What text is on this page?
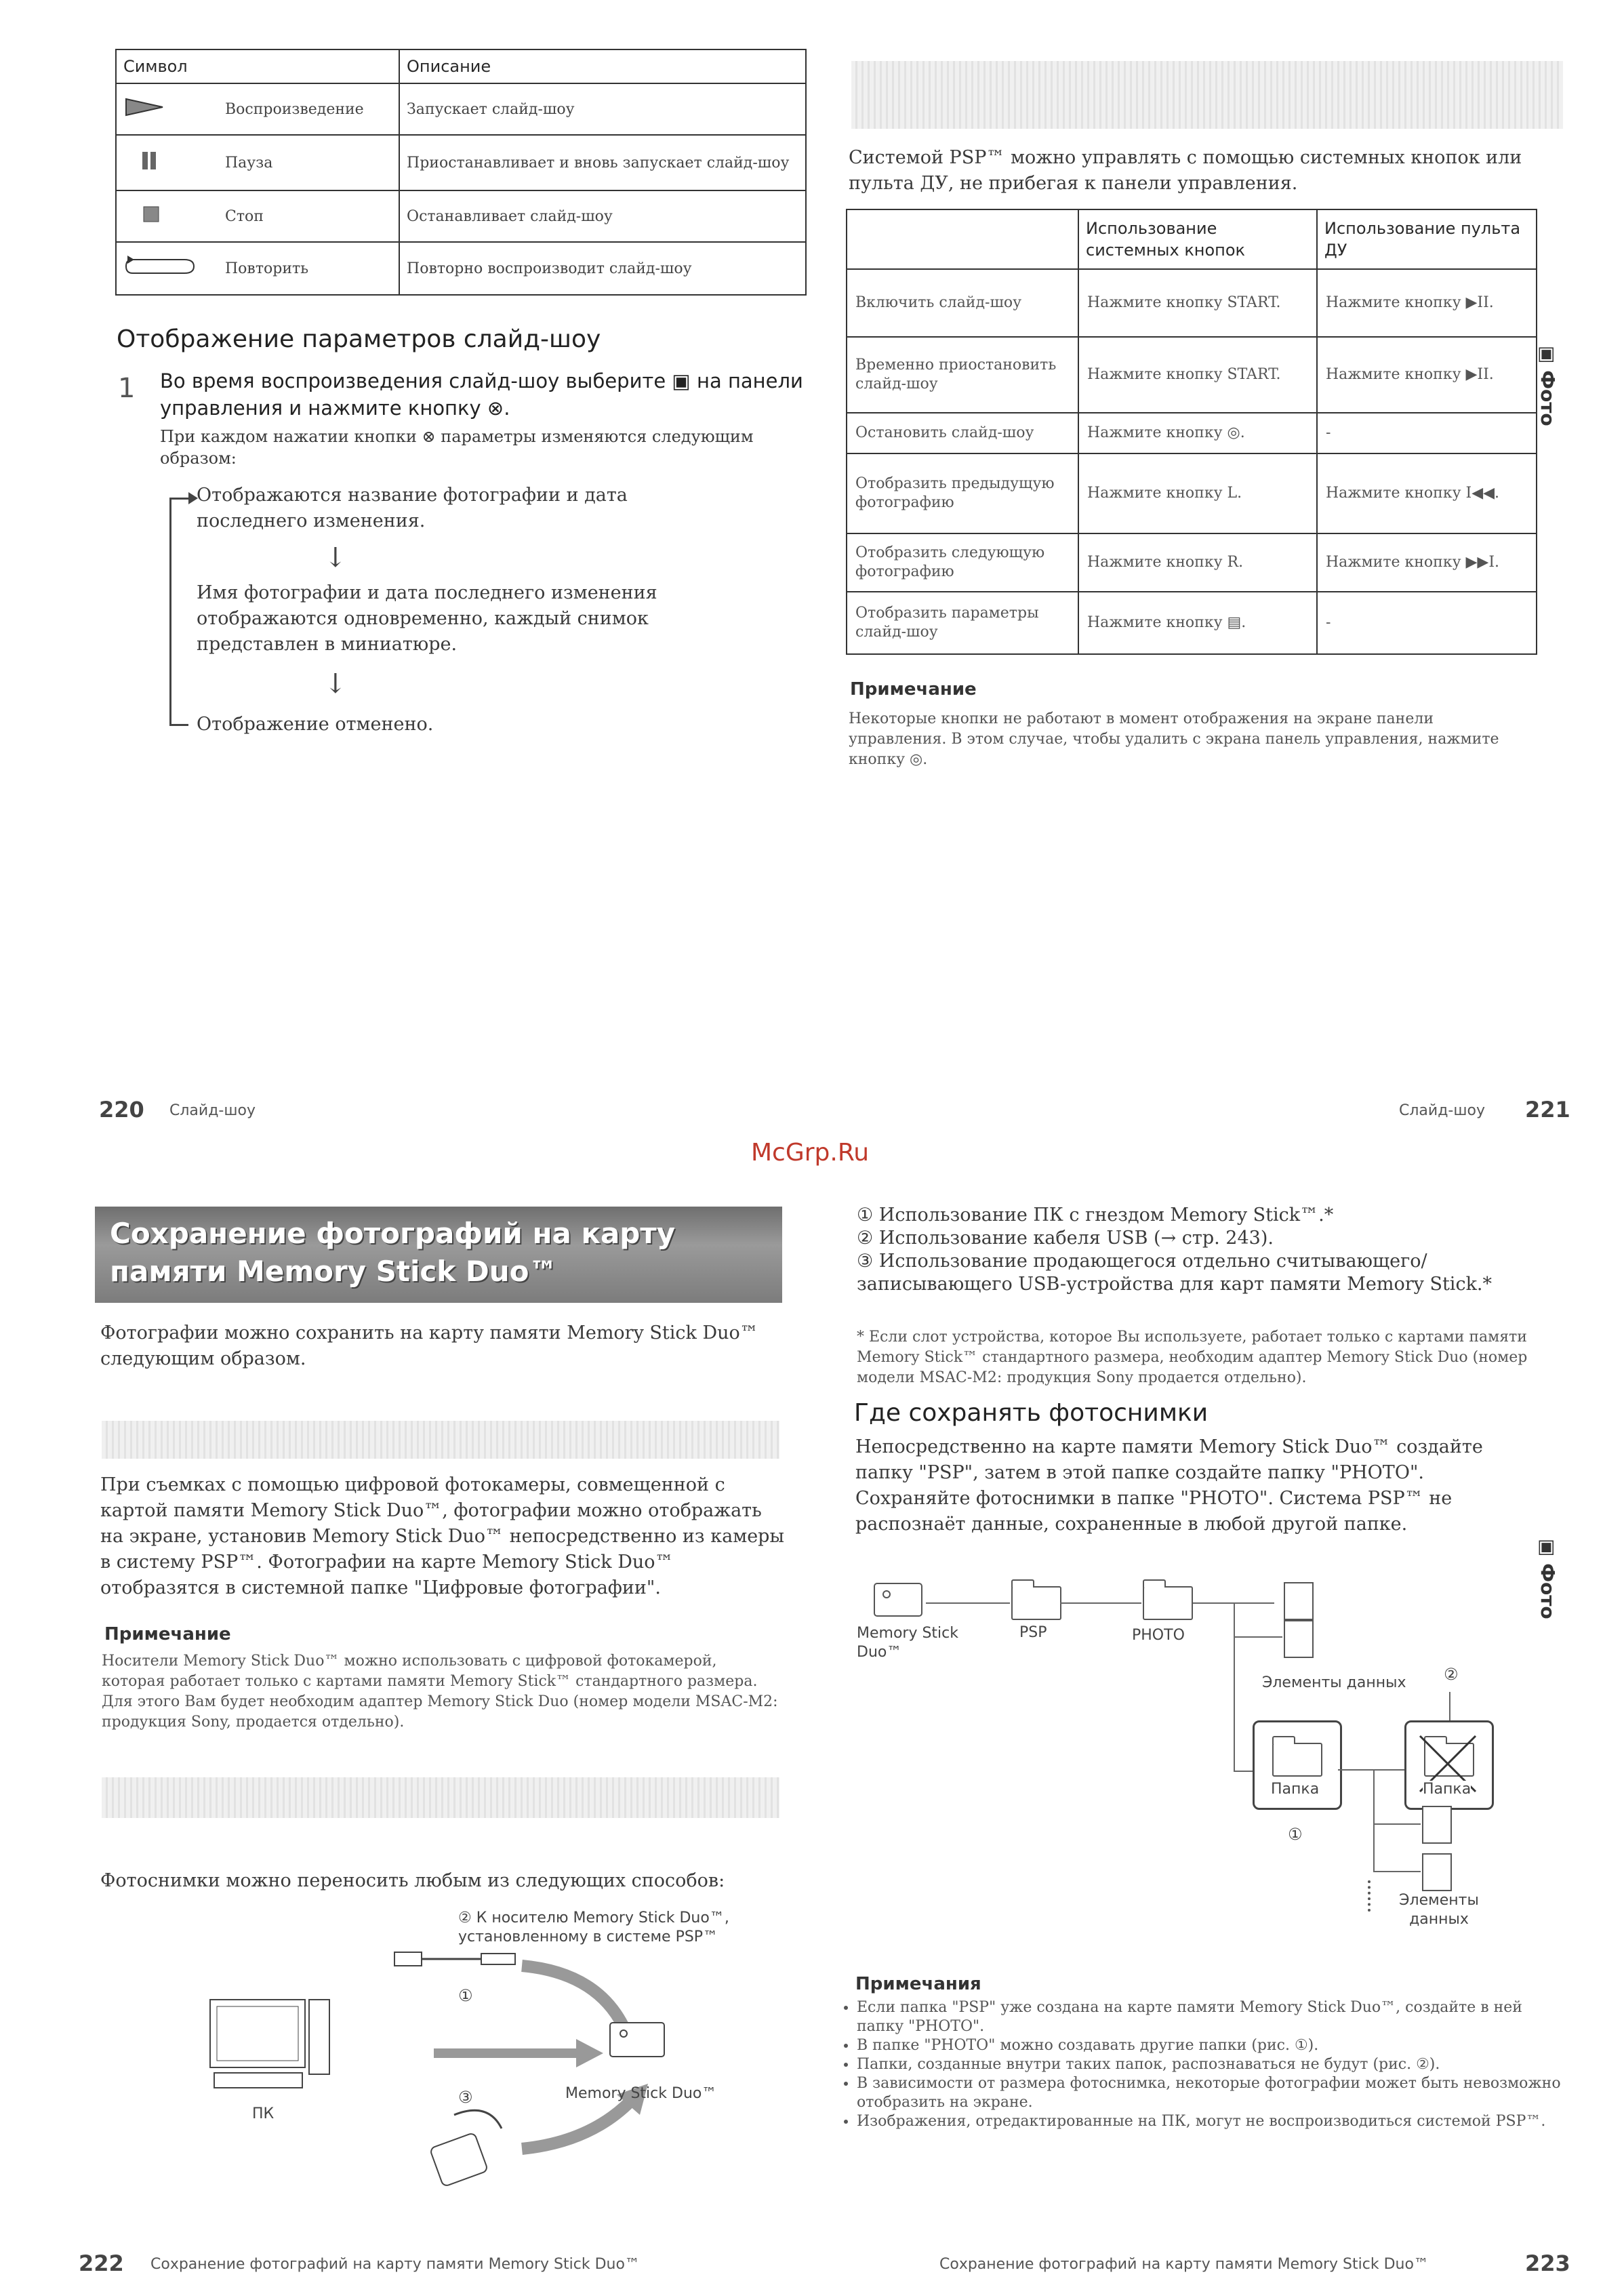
Символ		Описание
	Воспроизведение	Запускает слайд-шоу
	Пауза	Приостанавливает и вновь запускает слайд-шоу
	Стоп	Останавливает слайд-шоу
	Повторить	Повторно воспроизводит слайд-шоу
Отображение параметров слайд-шоу
1 Во время воспроизведения слайд-шоу выберите ▣ на панели управления и нажмите кнопку ⊗.
При каждом нажатии кнопки ⊗ параметры изменяются следующим образом:
Отображаются название фотографии и дата последнего изменения.
↓
Имя фотографии и дата последнего изменения отображаются одновременно, каждый снимок представлен в миниатюре.
↓
Отображение отменено.
220 Слайд-шоу
Системой PSP™ можно управлять с помощью системных кнопок или пульта ДУ, не прибегая к панели управления.
	Использование системных кнопок	Использование пульта ДУ
Включить слайд-шоу	Нажмите кнопку START.	Нажмите кнопку ▶II.
Временно приостановить слайд-шоу	Нажмите кнопку START.	Нажмите кнопку ▶II.
Остановить слайд-шоу	Нажмите кнопку ◎.	-
Отобразить предыдущую фотографию	Нажмите кнопку L.	Нажмите кнопку I◀◀.
Отобразить следующую фотографию	Нажмите кнопку R.	Нажмите кнопку ▶▶I.
Отобразить параметры слайд-шоу	Нажмите кнопку ▤.	-
Примечание
Некоторые кнопки не работают в момент отображения на экране панели управления. В этом случае, чтобы удалить с экрана панель управления, нажмите кнопку ◎.
▣ Фото
Слайд-шоу 221
McGrp.Ru
Сохранение фотографий на карту памяти Memory Stick Duo™
Фотографии можно сохранить на карту памяти Memory Stick Duo™ следующим образом.
При съемках с помощью цифровой фотокамеры, совмещенной с картой памяти Memory Stick Duo™, фотографии можно отображать на экране, установив Memory Stick Duo™ непосредственно из камеры в систему PSP™. Фотографии на карте Memory Stick Duo™ отобразятся в системной папке "Цифровые фотографии".
Примечание
Носители Memory Stick Duo™ можно использовать с цифровой фотокамерой, которая работает только с картами памяти Memory Stick™ стандартного размера. Для этого Вам будет необходим адаптер Memory Stick Duo (номер модели MSAC-M2: продукция Sony, продается отдельно).
Фотоснимки можно переносить любым из следующих способов:
② К носителю Memory Stick Duo™, установленному в системе PSP™
①
③	Memory Stick Duo™
ПК
222 Сохранение фотографий на карту памяти Memory Stick Duo™
① Использование ПК с гнездом Memory Stick™.*
② Использование кабеля USB (→ стр. 243).
③ Использование продающегося отдельно считывающего/записывающего USB-устройства для карт памяти Memory Stick.*
* Если слот устройства, которое Вы используете, работает только с картами памяти Memory Stick™ стандартного размера, необходим адаптер Memory Stick Duo (номер модели MSAC-M2: продукция Sony продается отдельно).
Где сохранять фотоснимки
Непосредственно на карте памяти Memory Stick Duo™ создайте папку "PSP", затем в этой папке создайте папку "PHOTO". Сохраняйте фотоснимки в папке "PHOTO". Система PSP™ не распознаёт данные, сохраненные в любой другой папке.
Memory Stick Duo™
PSP	PHOTO
Элементы данных ②
Папка
①
Папка
Элементы данных
Примечания
• Если папка "PSP" уже создана на карте памяти Memory Stick Duo™, создайте в ней папку "PHOTO".
• В папке "PHOTO" можно создавать другие папки (рис. ①).
• Папки, созданные внутри таких папок, распознаваться не будут (рис. ②).
• В зависимости от размера фотоснимка, некоторые фотографии может быть невозможно отобразить на экране.
• Изображения, отредактированные на ПК, могут не воспроизводиться системой PSP™.
▣ Фото
Сохранение фотографий на карту памяти Memory Stick Duo™	223
